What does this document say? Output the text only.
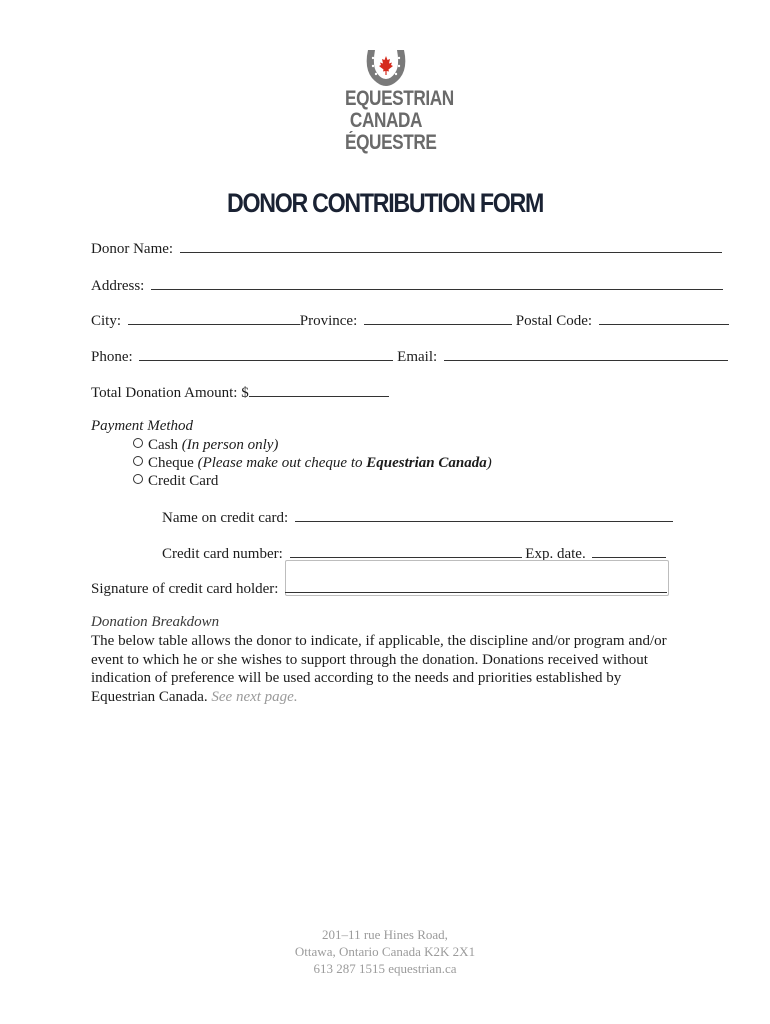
EQUESTRIAN
CANADA
ÉQUESTRE
DONOR CONTRIBUTION FORM
Donor Name:
Address:
City:	Province:	Postal Code:
Phone:	Email:
Total Donation Amount: $
Payment Method
Cash (In person only)
Cheque (Please make out cheque to Equestrian Canada)
Credit Card
Name on credit card:
Credit card number:	Exp. date.
Signature of credit card holder:
Donation Breakdown
The below table allows the donor to indicate, if applicable, the discipline and/or program and/or event to which he or she wishes to support through the donation. Donations received without indication of preference will be used according to the needs and priorities established by Equestrian Canada. See next page.
201–11 rue Hines Road,
Ottawa, Ontario Canada K2K 2X1
613 287 1515 equestrian.ca
